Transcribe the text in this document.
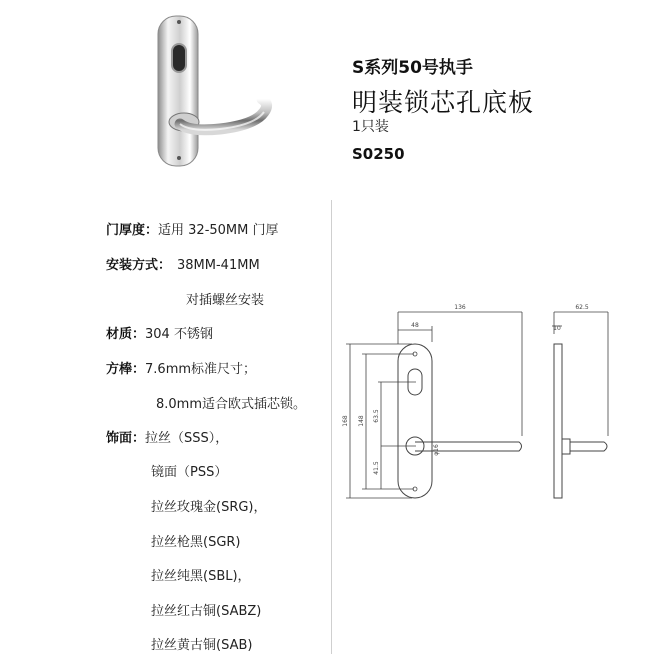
S系列50号执手
明装锁芯孔底板
1只装
S0250
门厚度：适用 32-50MM 门厚
安装方式： 38MM-41MM
对插螺丝安装
材质：304 不锈钢
方棒：7.6mm标准尺寸；
8.0mm适合欧式插芯锁。
饰面：拉丝（SSS），
镜面（PSS）
拉丝玫瑰金(SRG)，
拉丝枪黑(SGR)
拉丝纯黑(SBL)，
拉丝红古铜(SABZ)
拉丝黄古铜(SAB)
136
48
62.5
10
168 148 63.5
41.5
φ16
